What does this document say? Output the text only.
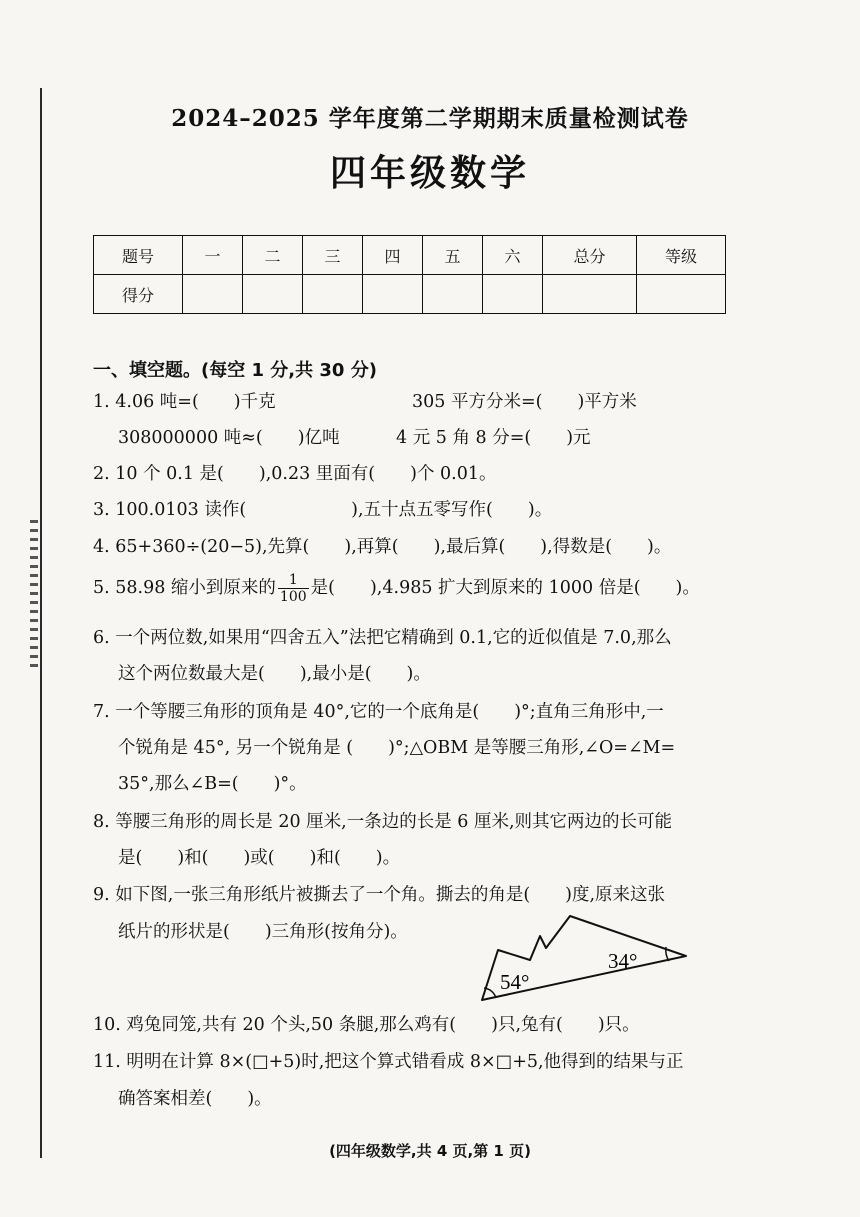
2024–2025 学年度第二学期期末质量检测试卷
四年级数学
题号	一	二	三	四	五	六	总分	等级
得分								
一、填空题。(每空 1 分,共 30 分)
1. 4.06 吨=(　　)千克	305 平方分米=(　　)平方米
308000000 吨≈(　　)亿吨	4 元 5 角 8 分=(　　)元
2. 10 个 0.1 是(　　),0.23 里面有(　　)个 0.01。
3. 100.0103 读作(　　　　　　),五十点五零写作(　　)。
4. 65+360÷(20−5),先算(　　),再算(　　),最后算(　　),得数是(　　)。
5. 58.98 缩小到原来的 $\frac{1}{100}$ 是(　　),4.985 扩大到原来的 1000 倍是(　　)。
6. 一个两位数,如果用“四舍五入”法把它精确到 0.1,它的近似值是 7.0,那么
这个两位数最大是(　　),最小是(　　)。
7. 一个等腰三角形的顶角是 40°,它的一个底角是(　　)°;直角三角形中,一
个锐角是 45°, 另一个锐角是 (　　)°;△OBM 是等腰三角形,∠O=∠M=
35°,那么∠B=(　　)°。
8. 等腰三角形的周长是 20 厘米,一条边的长是 6 厘米,则其它两边的长可能
是(　　)和(　　)或(　　)和(　　)。
9. 如下图,一张三角形纸片被撕去了一个角。撕去的角是(　　)度,原来这张
纸片的形状是(　　)三角形(按角分)。
54°
34°
10. 鸡兔同笼,共有 20 个头,50 条腿,那么鸡有(　　)只,兔有(　　)只。
11. 明明在计算 8×(□+5)时,把这个算式错看成 8×□+5,他得到的结果与正
确答案相差(　　)。
(四年级数学,共 4 页,第 1 页)
